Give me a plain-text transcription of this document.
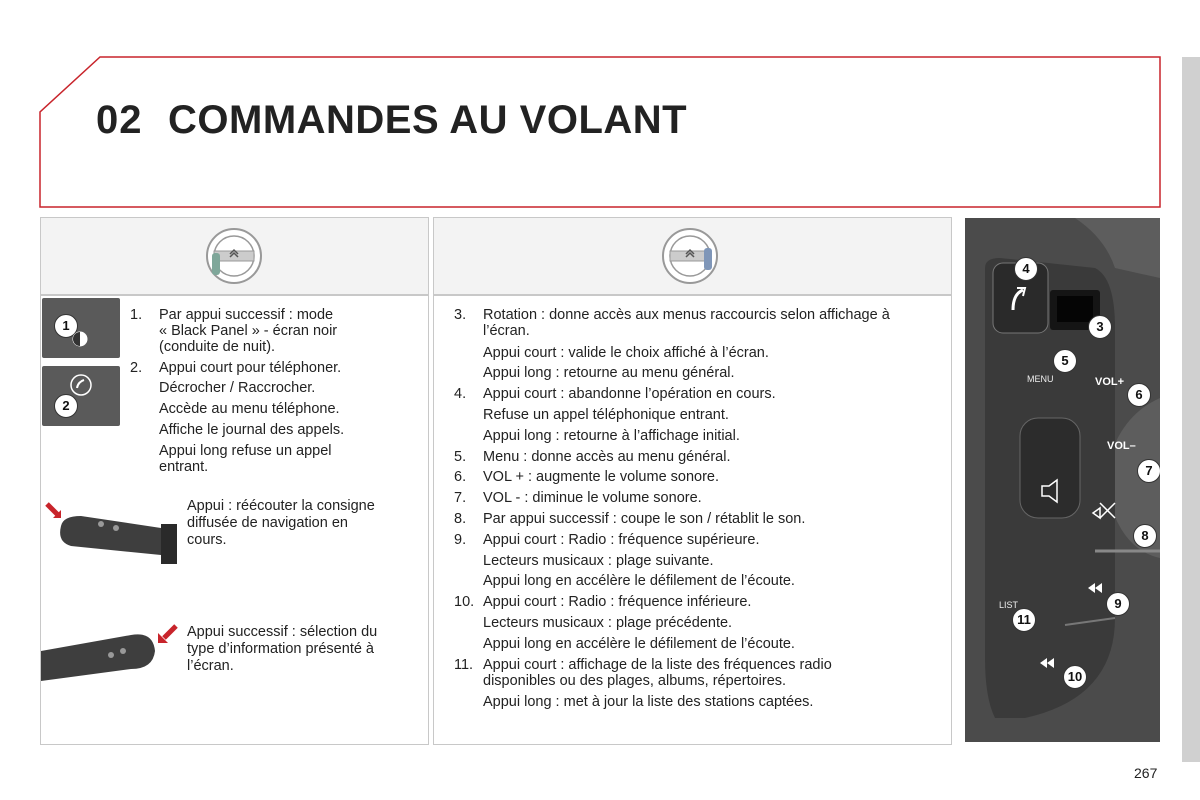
02 COMMANDES AU VOLANT
1
2
1. Par appui successif : mode
« Black Panel » - écran noir
(conduite de nuit).
2. Appui court pour téléphoner.
Décrocher / Raccrocher.
Accède au menu téléphone.
Affiche le journal des appels.
Appui long refuse un appel
entrant.
Appui : réécouter la consigne
diffusée de navigation en
cours.
Appui successif : sélection du
type d’information présenté à
l’écran.
3. Rotation : donne accès aux menus raccourcis selon affichage à
l’écran.
Appui court : valide le choix affiché à l’écran.
Appui long : retourne au menu général.
4. Appui court : abandonne l’opération en cours.
Refuse un appel téléphonique entrant.
Appui long : retourne à l’affichage initial.
5. Menu : donne accès au menu général.
6. VOL + : augmente le volume sonore.
7. VOL - : diminue le volume sonore.
8. Par appui successif : coupe le son / rétablit le son.
9. Appui court : Radio : fréquence supérieure.
Lecteurs musicaux : plage suivante.
Appui long en accélère le défilement de l’écoute.
10. Appui court : Radio : fréquence inférieure.
Lecteurs musicaux : plage précédente.
Appui long en accélère le défilement de l’écoute.
11. Appui court : affichage de la liste des fréquences radio
disponibles ou des plages, albums, répertoires.
Appui long : met à jour la liste des stations captées.
MENU	VOL+
VOL–
LIST
4
3
5
6
7
8
9
11
10
267
